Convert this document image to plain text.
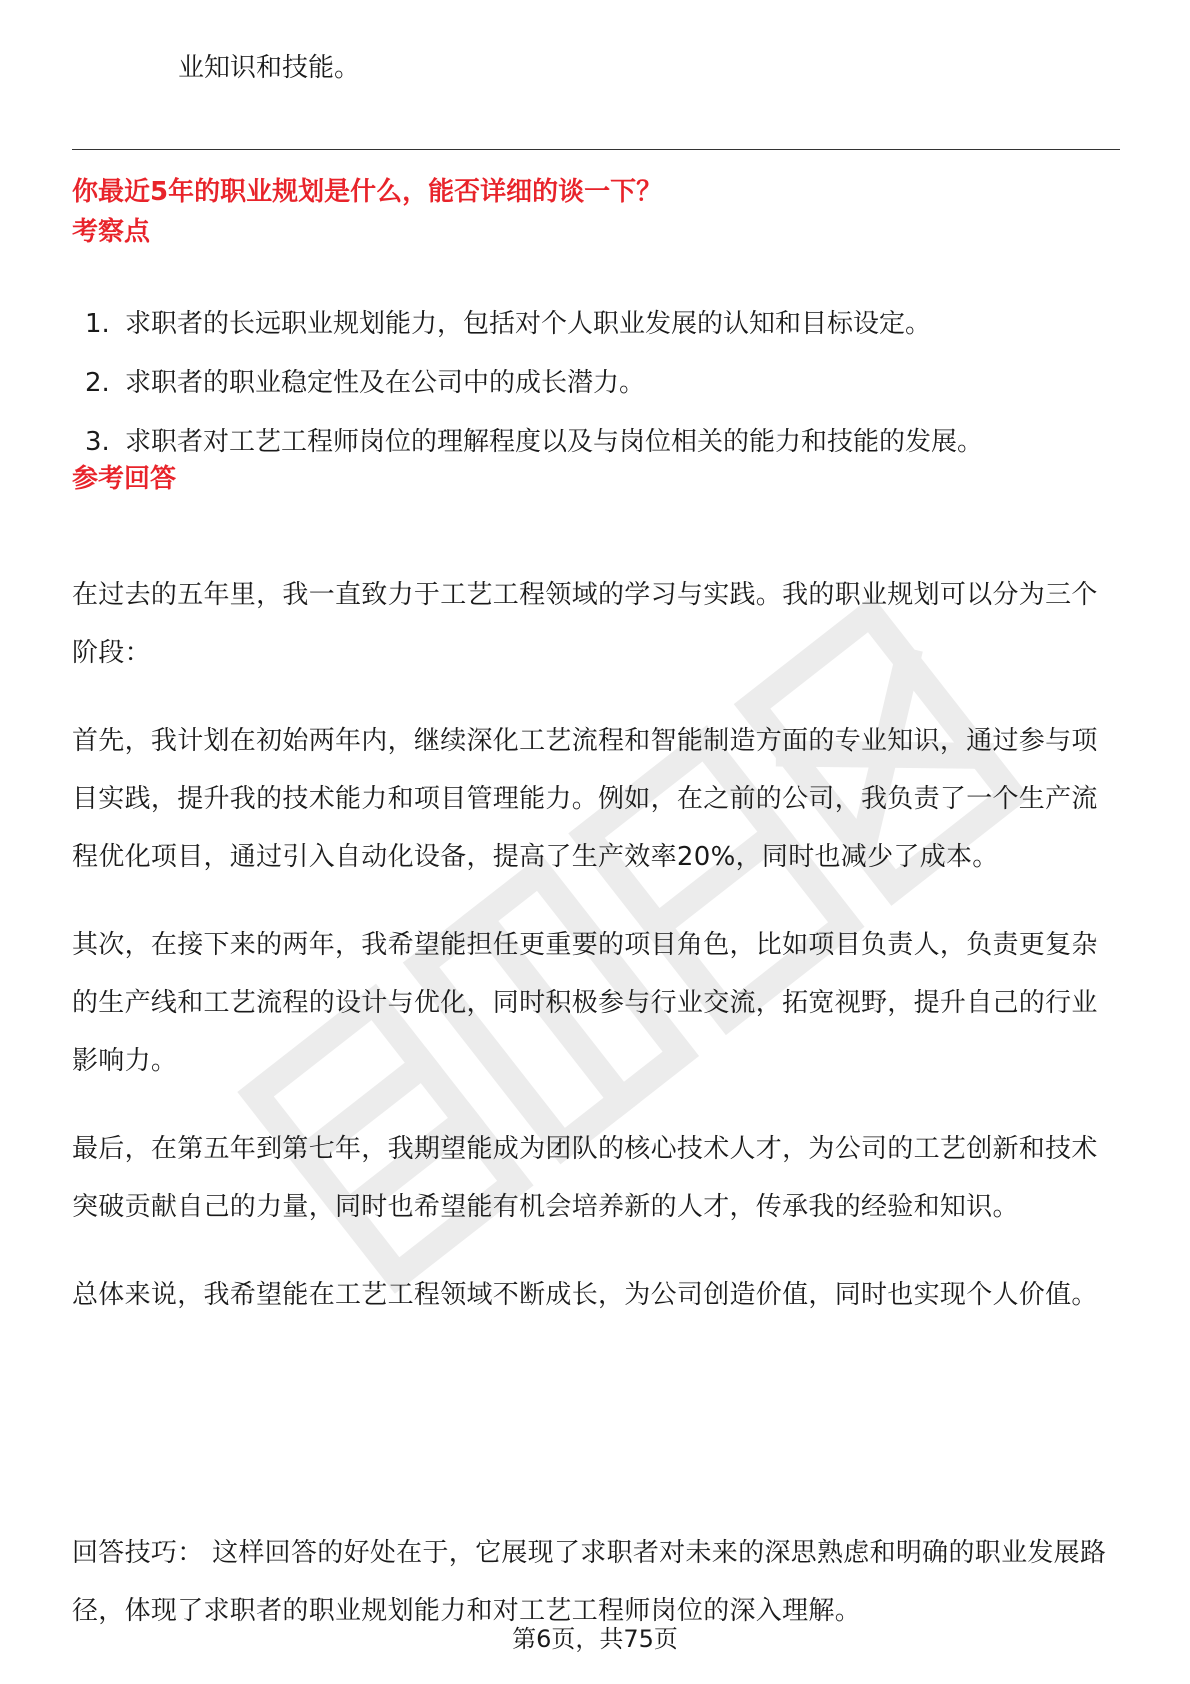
业知识和技能。
你最近5年的职业规划是什么，能否详细的谈一下？
考察点
1. 求职者的长远职业规划能力，包括对个人职业发展的认知和目标设定。
2. 求职者的职业稳定性及在公司中的成长潜力。
3. 求职者对工艺工程师岗位的理解程度以及与岗位相关的能力和技能的发展。
参考回答

在过去的五年里，我一直致力于工艺工程领域的学习与实践。我的职业规划可以分为三个阶段：

首先，我计划在初始两年内，继续深化工艺流程和智能制造方面的专业知识，通过参与项目实践，提升我的技术能力和项目管理能力。例如，在之前的公司，我负责了一个生产流程优化项目，通过引入自动化设备，提高了生产效率20%，同时也减少了成本。

其次，在接下来的两年，我希望能担任更重要的项目角色，比如项目负责人，负责更复杂的生产线和工艺流程的设计与优化，同时积极参与行业交流，拓宽视野，提升自己的行业影响力。

最后，在第五年到第七年，我期望能成为团队的核心技术人才，为公司的工艺创新和技术突破贡献自己的力量，同时也希望能有机会培养新的人才，传承我的经验和知识。

总体来说，我希望能在工艺工程领域不断成长，为公司创造价值，同时也实现个人价值。

回答技巧： 这样回答的好处在于，它展现了求职者对未来的深思熟虑和明确的职业发展路径，体现了求职者的职业规划能力和对工艺工程师岗位的深入理解。
第6页，共75页
